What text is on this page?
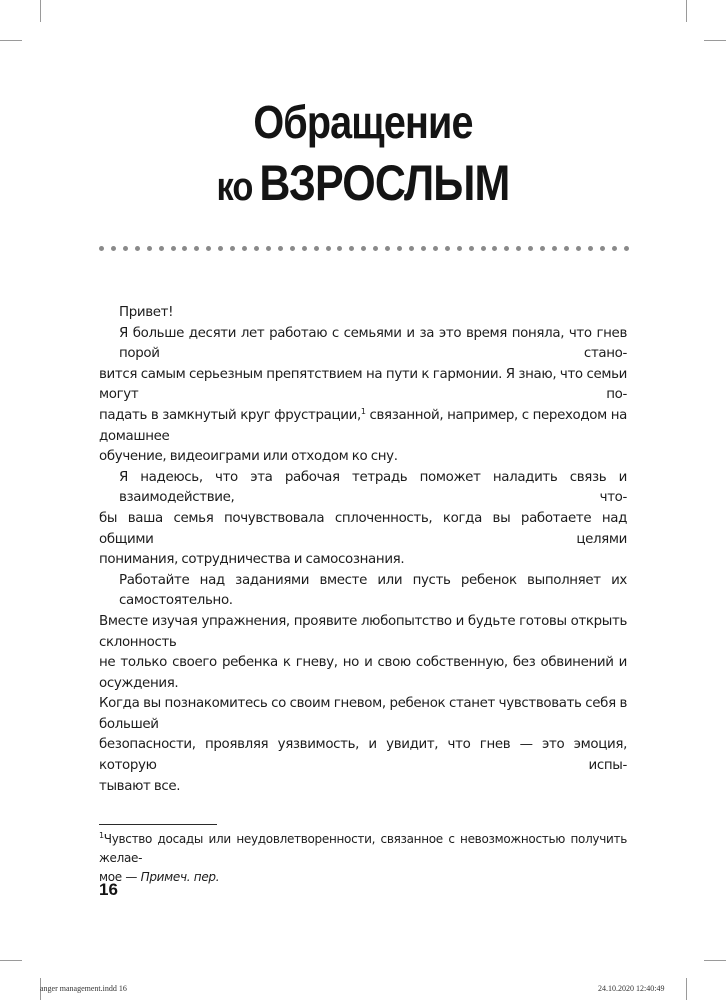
Обращение
ко ВЗРОСЛЫМ
Привет!
Я больше десяти лет работаю с семьями и за это время поняла, что гнев порой стано-
вится самым серьезным препятствием на пути к гармонии. Я знаю, что семьи могут по-
падать в замкнутый круг фрустрации,$^1$ связанной, например, с переходом на домашнее
обучение, видеоиграми или отходом ко сну.
Я надеюсь, что эта рабочая тетрадь поможет наладить связь и взаимодействие, что-
бы ваша семья почувствовала сплоченность, когда вы работаете над общими целями
понимания, сотрудничества и самосознания.
Работайте над заданиями вместе или пусть ребенок выполняет их самостоятельно.
Вместе изучая упражнения, проявите любопытство и будьте готовы открыть склонность
не только своего ребенка к гневу, но и свою собственную, без обвинений и осуждения.
Когда вы познакомитесь со своим гневом, ребенок станет чувствовать себя в большей
безопасности, проявляя уязвимость, и увидит, что гнев — это эмоция, которую испы-
тывают все.
$^1$Чувство досады или неудовлетворенности, связанное с невозможностью получить желае-
мое — Примеч. пер.
16
anger management.indd 16	24.10.2020 12:40:49
